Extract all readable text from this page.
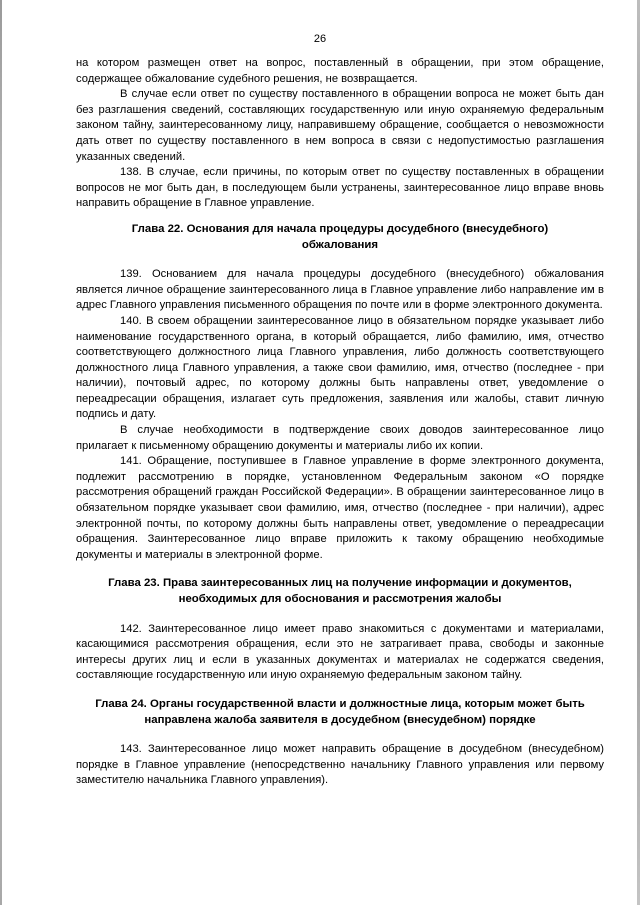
26

на котором размещен ответ на вопрос, поставленный в обращении, при этом обращение, содержащее обжалование судебного решения, не возвращается.

В случае если ответ по существу поставленного в обращении вопроса не может быть дан без разглашения сведений, составляющих государственную или иную охраняемую федеральным законом тайну, заинтересованному лицу, направившему обращение, сообщается о невозможности дать ответ по существу поставленного в нем вопроса в связи с недопустимостью разглашения указанных сведений.

138. В случае, если причины, по которым ответ по существу поставленных в обращении вопросов не мог быть дан, в последующем были устранены, заинтересованное лицо вправе вновь направить обращение в Главное управление.

Глава 22. Основания для начала процедуры досудебного (внесудебного) обжалования

139. Основанием для начала процедуры досудебного (внесудебного) обжалования является личное обращение заинтересованного лица в Главное управление либо направление им в адрес Главного управления письменного обращения по почте или в форме электронного документа.

140. В своем обращении заинтересованное лицо в обязательном порядке указывает либо наименование государственного органа, в который обращается, либо фамилию, имя, отчество соответствующего должностного лица Главного управления, либо должность соответствующего должностного лица Главного управления, а также свои фамилию, имя, отчество (последнее - при наличии), почтовый адрес, по которому должны быть направлены ответ, уведомление о переадресации обращения, излагает суть предложения, заявления или жалобы, ставит личную подпись и дату.

В случае необходимости в подтверждение своих доводов заинтересованное лицо прилагает к письменному обращению документы и материалы либо их копии.

141. Обращение, поступившее в Главное управление в форме электронного документа, подлежит рассмотрению в порядке, установленном Федеральным законом «О порядке рассмотрения обращений граждан Российской Федерации». В обращении заинтересованное лицо в обязательном порядке указывает свои фамилию, имя, отчество (последнее - при наличии), адрес электронной почты, по которому должны быть направлены ответ, уведомление о переадресации обращения. Заинтересованное лицо вправе приложить к такому обращению необходимые документы и материалы в электронной форме.

Глава 23. Права заинтересованных лиц на получение информации и документов, необходимых для обоснования и рассмотрения жалобы

142. Заинтересованное лицо имеет право знакомиться с документами и материалами, касающимися рассмотрения обращения, если это не затрагивает права, свободы и законные интересы других лиц и если в указанных документах и материалах не содержатся сведения, составляющие государственную или иную охраняемую федеральным законом тайну.

Глава 24. Органы государственной власти и должностные лица, которым может быть направлена жалоба заявителя в досудебном (внесудебном) порядке

143. Заинтересованное лицо может направить обращение в досудебном (внесудебном) порядке в Главное управление (непосредственно начальнику Главного управления или первому заместителю начальника Главного управления).
